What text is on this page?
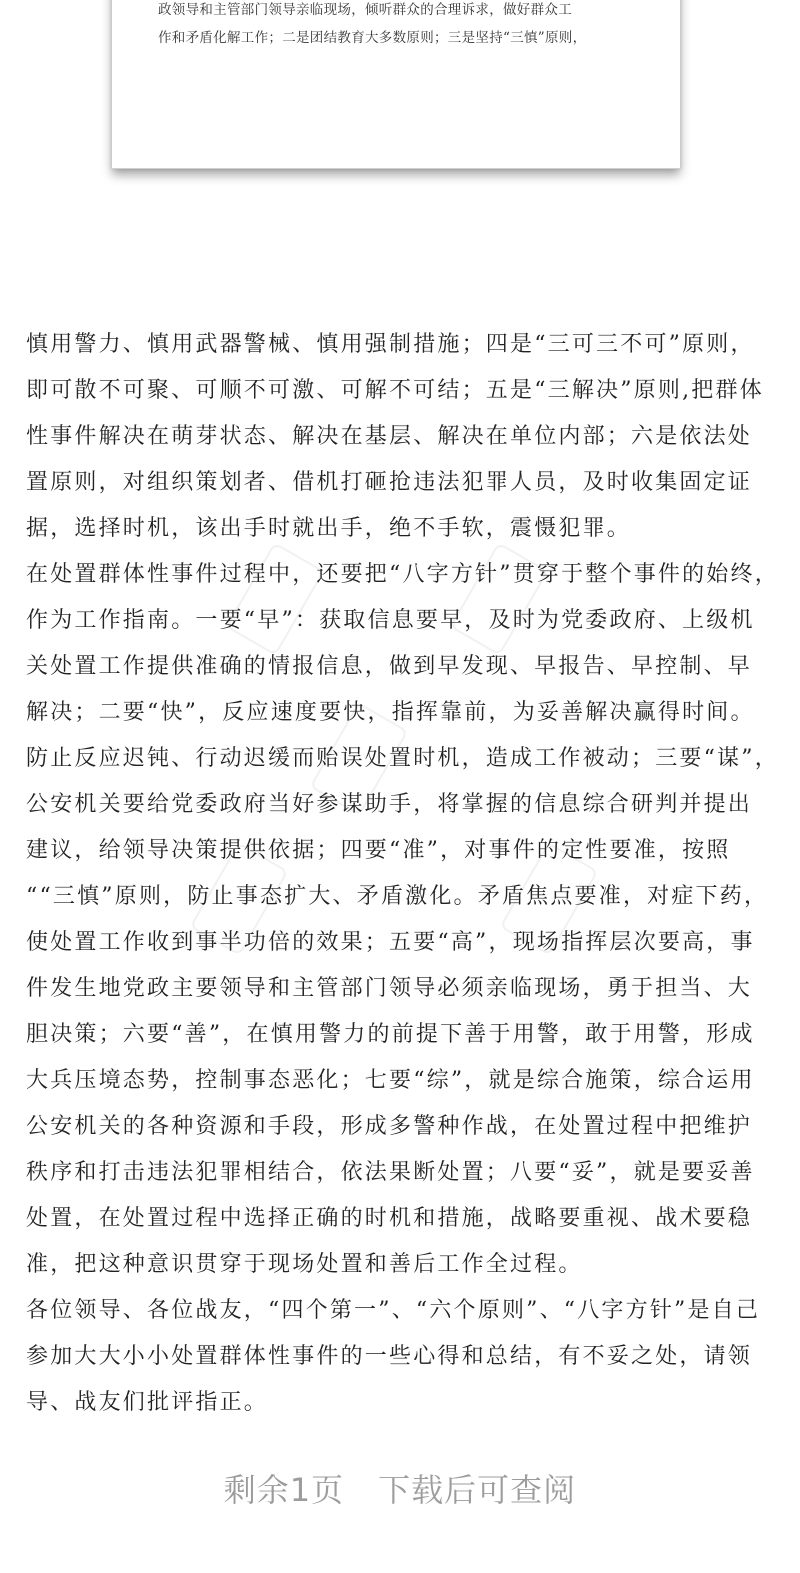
政领导和主管部门领导亲临现场，倾听群众的合理诉求，做好群众工
作和矛盾化解工作；二是团结教育大多数原则；三是坚持“三慎”原则，
慎用警力、慎用武器警械、慎用强制措施；四是“三可三不可”原则，
即可散不可聚、可顺不可激、可解不可结；五是“三解决”原则,把群体
性事件解决在萌芽状态、解决在基层、解决在单位内部；六是依法处
置原则，对组织策划者、借机打砸抢违法犯罪人员，及时收集固定证
据，选择时机，该出手时就出手，绝不手软，震慑犯罪。
在处置群体性事件过程中，还要把“八字方针”贯穿于整个事件的始终，
作为工作指南。一要“早”：获取信息要早，及时为党委政府、上级机
关处置工作提供准确的情报信息，做到早发现、早报告、早控制、早
解决；二要“快”，反应速度要快，指挥靠前，为妥善解决赢得时间。
防止反应迟钝、行动迟缓而贻误处置时机，造成工作被动；三要“谋”，
公安机关要给党委政府当好参谋助手，将掌握的信息综合研判并提出
建议，给领导决策提供依据；四要“准”，对事件的定性要准，按照
““三慎”原则，防止事态扩大、矛盾激化。矛盾焦点要准，对症下药，
使处置工作收到事半功倍的效果；五要“高”，现场指挥层次要高，事
件发生地党政主要领导和主管部门领导必须亲临现场，勇于担当、大
胆决策；六要“善”，在慎用警力的前提下善于用警，敢于用警，形成
大兵压境态势，控制事态恶化；七要“综”，就是综合施策，综合运用
公安机关的各种资源和手段，形成多警种作战，在处置过程中把维护
秩序和打击违法犯罪相结合，依法果断处置；八要“妥”，就是要妥善
处置，在处置过程中选择正确的时机和措施，战略要重视、战术要稳
准，把这种意识贯穿于现场处置和善后工作全过程。
各位领导、各位战友，“四个第一”、“六个原则”、“八字方针”是自己
参加大大小小处置群体性事件的一些心得和总结，有不妥之处，请领
导、战友们批评指正。
剩余1页 下载后可查阅
